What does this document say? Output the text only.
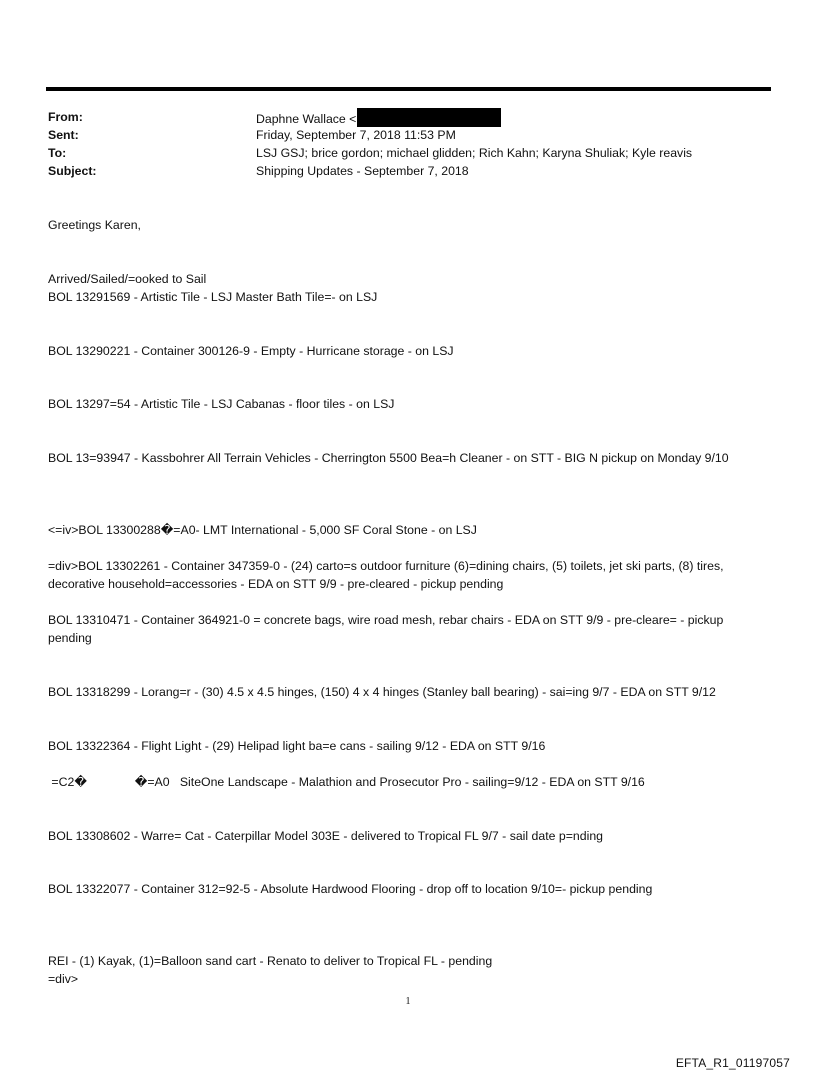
From:	Daphne Wallace <
Sent:	Friday, September 7, 2018 11:53 PM
To:	LSJ GSJ; brice gordon; michael glidden; Rich Kahn; Karyna Shuliak; Kyle reavis
Subject:	Shipping Updates - September 7, 2018
Greetings Karen,
Arrived/Sailed/=ooked to Sail
BOL 13291569 - Artistic Tile - LSJ Master Bath Tile=- on LSJ
BOL 13290221 - Container 300126-9 - Empty - Hurricane storage - on LSJ
BOL 13297=54 - Artistic Tile - LSJ Cabanas - floor tiles - on LSJ
BOL 13=93947 - Kassbohrer All Terrain Vehicles - Cherrington 5500 Bea=h Cleaner - on STT - BIG N pickup on Monday 9/10
<=iv>BOL 13300288�=A0- LMT International - 5,000 SF Coral Stone - on LSJ
=div>BOL 13302261 - Container 347359-0 - (24) carto=s outdoor furniture (6)=dining chairs, (5) toilets, jet ski parts, (8) tires, decorative household=accessories - EDA on STT 9/9 - pre-cleared - pickup pending
BOL 13310471 - Container 364921-0 = concrete bags, wire road mesh, rebar chairs - EDA on STT 9/9 - pre-cleare= - pickup pending
BOL 13318299 - Lorang=r - (30) 4.5 x 4.5 hinges, (150) 4 x 4 hinges (Stanley ball bearing) - sai=ing 9/7 - EDA on STT 9/12
BOL 13322364 - Flight Light - (29) Helipad light ba=e cans - sailing 9/12 - EDA on STT 9/16
=C2�              �=A0   SiteOne Landscape - Malathion and Prosecutor Pro - sailing=9/12 - EDA on STT 9/16
BOL 13308602 - Warre= Cat - Caterpillar Model 303E - delivered to Tropical FL 9/7 - sail date p=nding
BOL 13322077 - Container 312=92-5 - Absolute Hardwood Flooring - drop off to location 9/10=- pickup pending
REI - (1) Kayak, (1)=Balloon sand cart - Renato to deliver to Tropical FL - pending
=div>
1
EFTA_R1_01197057
